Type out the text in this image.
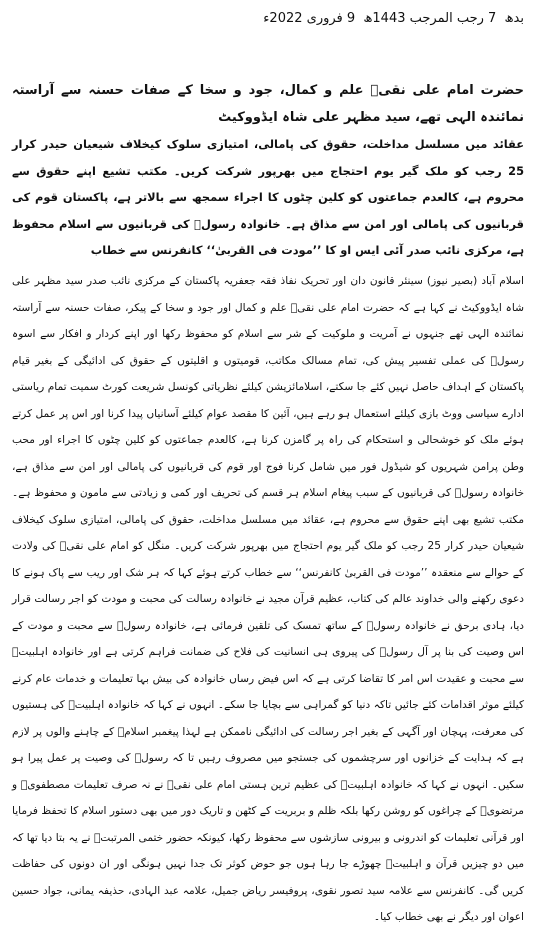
بدھ 7 رجب المرجب 1443ھ 9 فروری 2022ء

حضرت امام علی نقیؑ علم و کمال، جود و سخا کے صفات حسنہ سے آراستہ نمائندہ الہی تھے، سید مظہر علی شاہ ایڈووکیٹ

عقائد میں مسلسل مداخلت، حقوق کی پامالی، امتیازی سلوک کیخلاف شیعیان حیدر کرار 25 رجب کو ملک گیر یوم احتجاج میں بھرپور شرکت کریں۔ مکتب تشیع اپنے حقوق سے محروم ہے، کالعدم جماعتوں کو کلین چٹوں کا اجراء سمجھ سے بالاتر ہے، پاکستان قوم کی قربانیوں کی پامالی اور امن سے مذاق ہے۔ خانوادہ رسولؐ کی قربانیوں سے اسلام محفوظ ہے، مرکزی نائب صدر آئی ایس او کا ’’مودت فی القربیٰ‘‘ کانفرنس سے خطاب

اسلام آباد (بصیر نیوز) سینئر قانون دان اور تحریک نفاذ فقہ جعفریہ پاکستان کے مرکزی نائب صدر سید مظہر علی شاہ ایڈووکیٹ نے کہا ہے کہ حضرت امام علی نقیؑ علم و کمال اور جود و سخا کے پیکر، صفات حسنہ سے آراستہ نمائندہ الہی تھے جنہوں نے آمریت و ملوکیت کے شر سے اسلام کو محفوظ رکھا اور اپنے کردار و افکار سے اسوہ رسولؐ کی عملی تفسیر پیش کی، تمام مسالک مکاتب، قومیتوں و اقلیتوں کے حقوق کی ادائیگی کے بغیر قیام پاکستان کے اہداف حاصل نہیں کئے جا سکتے، اسلامائزیشن کیلئے نظریاتی کونسل شریعت کورٹ سمیت تمام ریاستی ادارے سیاسی ووٹ بازی کیلئے استعمال ہو رہے ہیں، آئین کا مقصد عوام کیلئے آسانیاں پیدا کرنا اور اس پر عمل کرتے ہوئے ملک کو خوشحالی و استحکام کی راہ پر گامزن کرنا ہے، کالعدم جماعتوں کو کلین چٹوں کا اجراء اور محب وطن پرامن شہریوں کو شیڈول فور میں شامل کرنا فوج اور قوم کی قربانیوں کی پامالی اور امن سے مذاق ہے، خانوادہ رسولؐ کی قربانیوں کے سبب پیغام اسلام ہر قسم کی تحریف اور کمی و زیادتی سے مامون و محفوظ ہے۔ مکتب تشیع بھی اپنے حقوق سے محروم ہے، عقائد میں مسلسل مداخلت، حقوق کی پامالی، امتیازی سلوک کیخلاف شیعیان حیدر کرار 25 رجب کو ملک گیر یوم احتجاج میں بھرپور شرکت کریں۔ منگل کو امام علی نقیؑ کی ولادت کے حوالے سے منعقدہ ’’مودت فی القربیٰ کانفرنس‘‘ سے خطاب کرتے ہوئے کہا کہ ہر شک اور ریب سے پاک ہونے کا دعوی رکھنے والی خداوند عالم کی کتاب، عظیم قرآن مجید نے خانوادہ رسالت کی محبت و مودت کو اجر رسالت قرار دیا، ہادی برحق نے خانوادہ رسولؐ کے ساتھ تمسک کی تلقین فرمائی ہے، خانوادہ رسولؐ سے محبت و مودت کے اس وصیت کی بنا پر آل رسولؐ کی پیروی ہی انسانیت کی فلاح کی ضمانت فراہم کرتی ہے اور خانوادہ اہلبیتؑ سے محبت و عقیدت اس امر کا تقاضا کرتی ہے کہ اس فیض رساں خانوادہ کی بیش بہا تعلیمات و خدمات عام کرنے کیلئے موثر اقدامات کئے جائیں تاکہ دنیا کو گمراہی سے بچایا جا سکے۔ انہوں نے کہا کہ خانوادہ اہلبیتؑ کی ہستیوں کی معرفت، پہچان اور آگہی کے بغیر اجر رسالت کی ادائیگی ناممکن ہے لہذا پیغمبر اسلامؐ کے چاہنے والوں پر لازم ہے کہ ہدایت کے خزانوں اور سرچشموں کی جستجو میں مصروف رہیں تا کہ رسولؐ کی وصیت پر عمل پیرا ہو سکیں۔ انہوں نے کہا کہ خانوادہ اہلبیتؑ کی عظیم ترین ہستی امام علی نقیؑ نے نہ صرف تعلیمات مصطفویؐ و مرتضویؑ کے چراغوں کو روشن رکھا بلکہ ظلم و بربریت کے کٹھن و تاریک دور میں بھی دستور اسلام کا تحفظ فرمایا اور قرآنی تعلیمات کو اندرونی و بیرونی سازشوں سے محفوظ رکھا، کیونکہ حضور ختمی المرتبتؐ نے یہ بتا دیا تھا کہ میں دو چیزیں قرآن و اہلبیتؑ چھوڑے جا رہا ہوں جو حوض کوثر تک جدا نہیں ہونگی اور ان دونوں کی حفاظت کریں گی۔ کانفرنس سے علامہ سید تصور نقوی، پروفیسر ریاض جمیل، علامہ عبد الہادی، حذیفہ یمانی، جواد حسین اعوان اور دیگر نے بھی خطاب کیا۔
